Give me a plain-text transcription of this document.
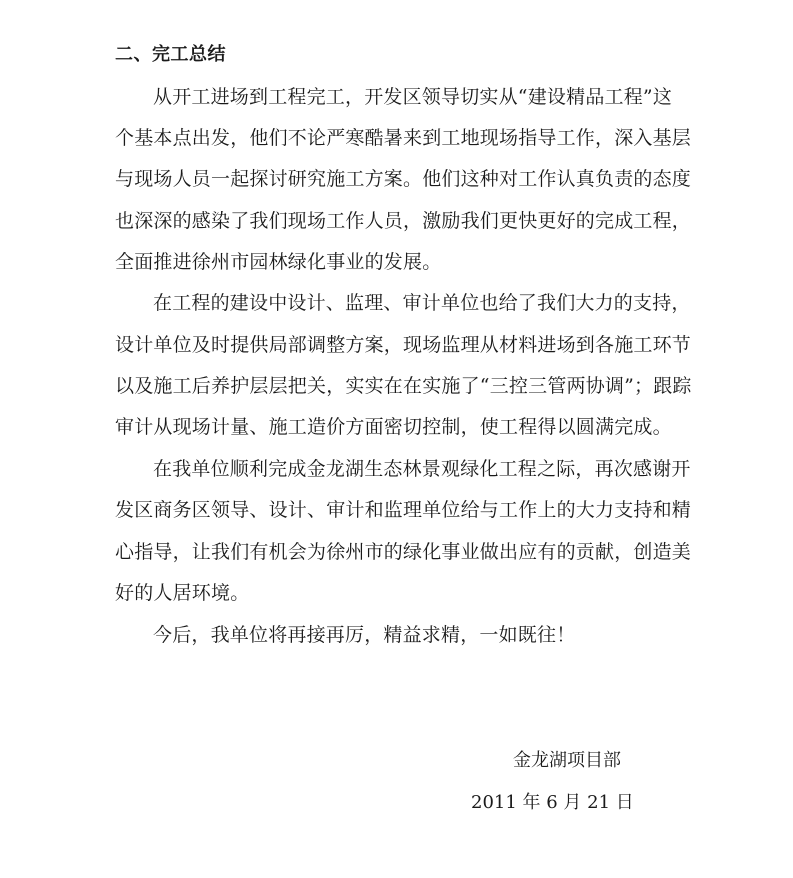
二、完工总结
从开工进场到工程完工，开发区领导切实从“建设精品工程”这
个基本点出发，他们不论严寒酷暑来到工地现场指导工作，深入基层
与现场人员一起探讨研究施工方案。他们这种对工作认真负责的态度
也深深的感染了我们现场工作人员，激励我们更快更好的完成工程，
全面推进徐州市园林绿化事业的发展。
在工程的建设中设计、监理、审计单位也给了我们大力的支持，
设计单位及时提供局部调整方案，现场监理从材料进场到各施工环节
以及施工后养护层层把关，实实在在实施了“三控三管两协调”；跟踪
审计从现场计量、施工造价方面密切控制，使工程得以圆满完成。
在我单位顺利完成金龙湖生态林景观绿化工程之际，再次感谢开
发区商务区领导、设计、审计和监理单位给与工作上的大力支持和精
心指导，让我们有机会为徐州市的绿化事业做出应有的贡献，创造美
好的人居环境。
今后，我单位将再接再厉，精益求精，一如既往！
金龙湖项目部
2011 年 6 月 21 日
